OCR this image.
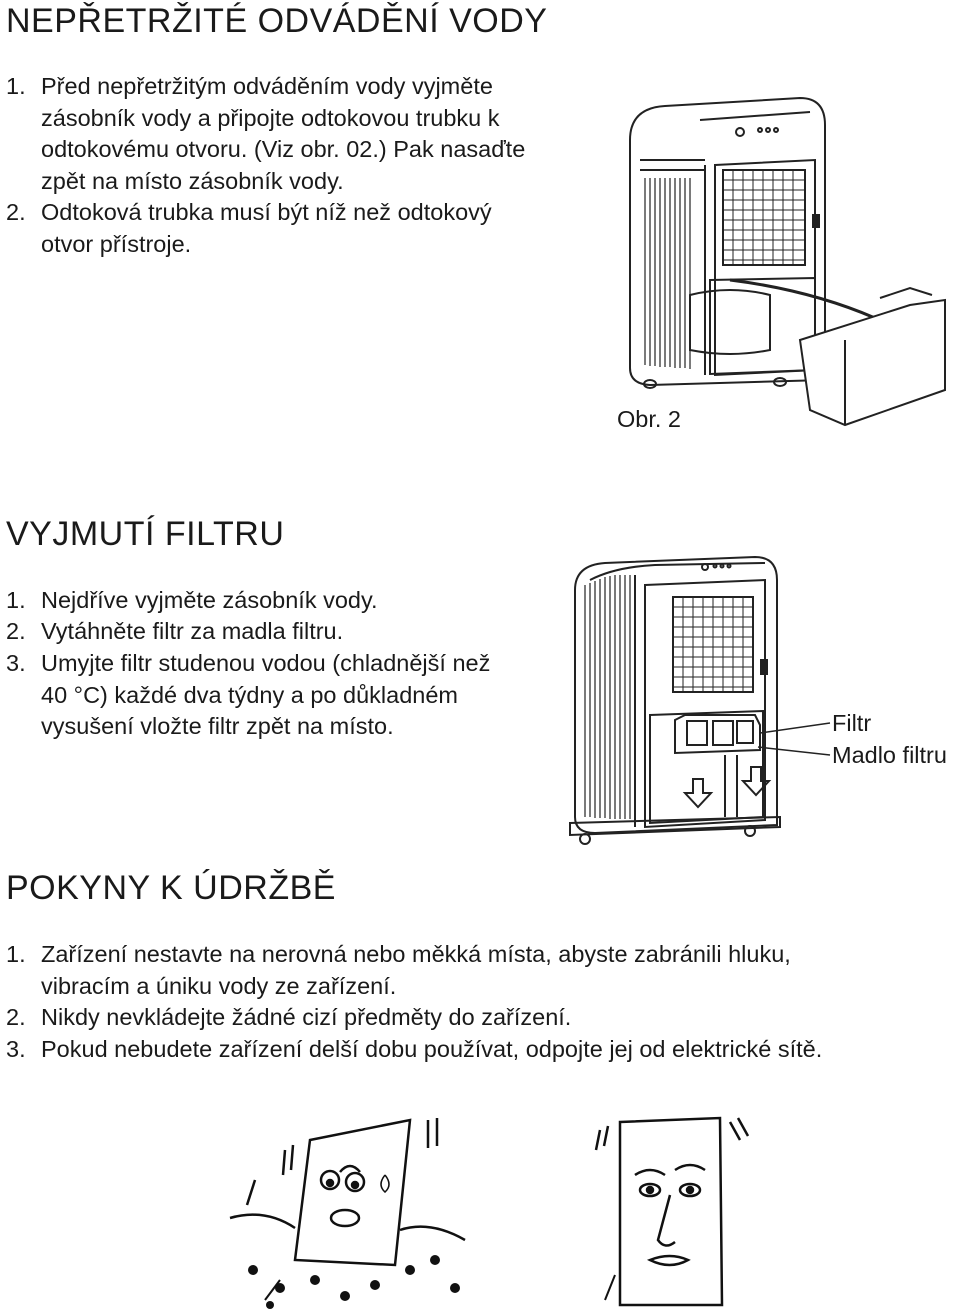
NEPŘETRŽITÉ ODVÁDĚNÍ VODY
1. Před nepřetržitým odváděním vody vyjměte
zásobník vody a připojte odtokovou trubku k
odtokovému otvoru. (Viz obr. 02.) Pak nasaďte
zpět na místo zásobník vody.
2. Odtoková trubka musí být níž než odtokový
otvor přístroje.
Obr. 2
VYJMUTÍ FILTRU
1. Nejdříve vyjměte zásobník vody.
2. Vytáhněte filtr za madla filtru.
3. Umyjte filtr studenou vodou (chladnější než
40 °C) každé dva týdny a po důkladném
vysušení vložte filtr zpět na místo.	Filtr
Madlo filtru
POKYNY K ÚDRŽBĚ
1. Zařízení nestavte na nerovná nebo měkká místa, abyste zabránili hluku,
vibracím a úniku vody ze zařízení.
2. Nikdy nevkládejte žádné cizí předměty do zařízení.
3. Pokud nebudete zařízení delší dobu používat, odpojte jej od elektrické sítě.
